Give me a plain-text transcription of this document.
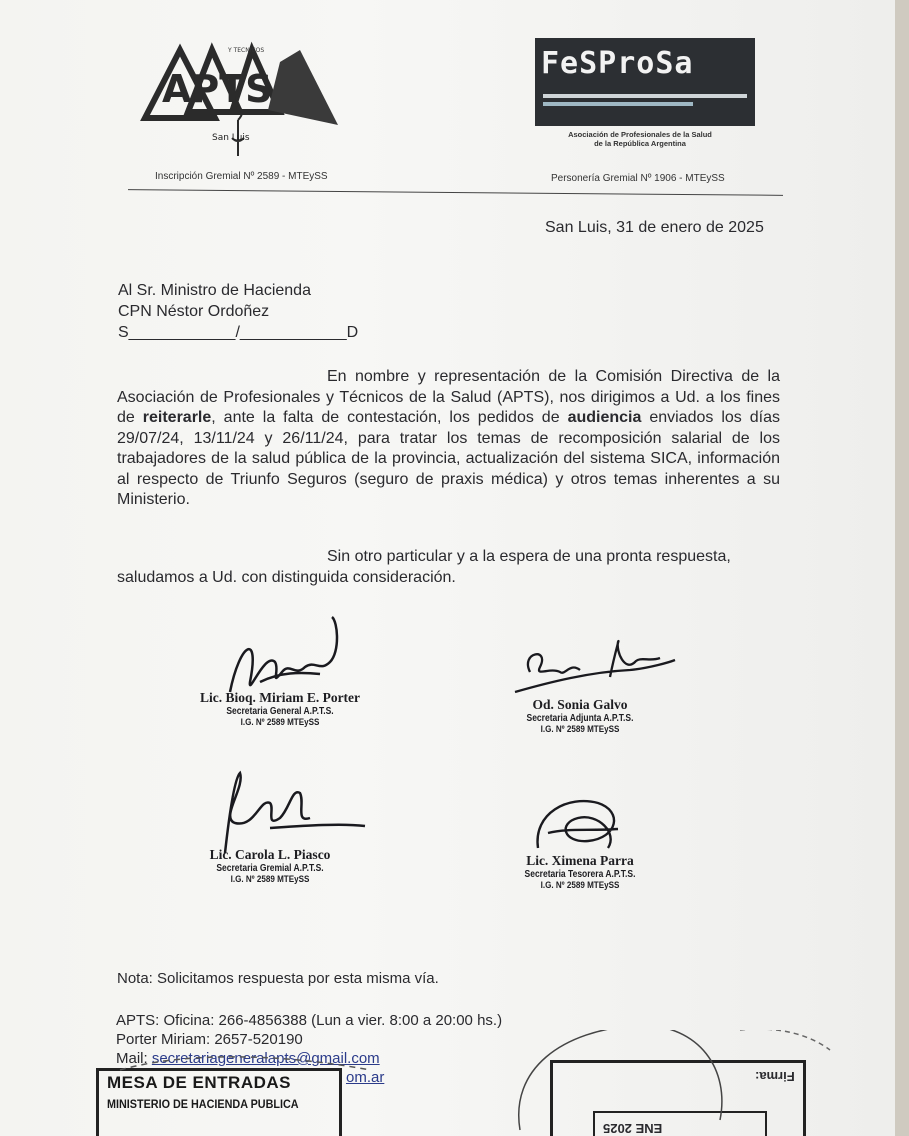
APTS
Y TECNICOS
San Luis
Inscripción Gremial Nº 2589 - MTEySS
FeSProSa
Asociación de Profesionales de la Salud
de la República Argentina
Personería Gremial Nº 1906 - MTEySS
San Luis, 31 de enero de 2025
Al Sr. Ministro de Hacienda
CPN Néstor Ordoñez
S____________/____________D
En nombre y representación de la Comisión Directiva de la Asociación de Profesionales y Técnicos de la Salud (APTS), nos dirigimos a Ud. a los fines de reiterarle, ante la falta de contestación, los pedidos de audiencia enviados los días 29/07/24, 13/11/24 y 26/11/24, para tratar los temas de recomposición salarial de los trabajadores de la salud pública de la provincia, actualización del sistema SICA, información al respecto de Triunfo Seguros (seguro de praxis médica) y otros temas inherentes a su Ministerio.
Sin otro particular y a la espera de una pronta respuesta, saludamos a Ud. con distinguida consideración.
Lic. Bioq. Miriam E. Porter
Secretaria General A.P.T.S.
I.G. Nº 2589 MTEySS
Od. Sonia Galvo
Secretaria Adjunta A.P.T.S.
I.G. Nº 2589 MTEySS
Lic. Carola L. Piasco
Secretaria Gremial A.P.T.S.
I.G. Nº 2589 MTEySS
Lic. Ximena Parra
Secretaria Tesorera A.P.T.S.
I.G. Nº 2589 MTEySS
Nota: Solicitamos respuesta por esta misma vía.
APTS: Oficina: 266-4856388 (Lun a vier. 8:00 a 20:00 hs.)
Porter Miriam: 2657-520190
Mail: secretariageneralapts@gmail.com
om.ar
MESA DE ENTRADAS
MINISTERIO DE HACIENDA PUBLICA
Firma:
ENE 2025
